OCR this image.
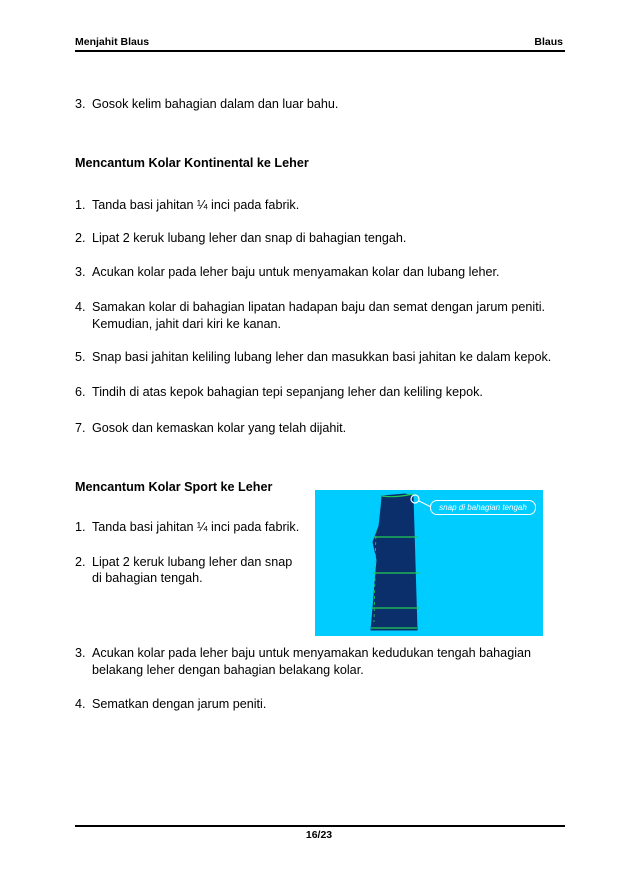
Menjahit Blaus	Blaus
3. Gosok kelim bahagian dalam dan luar bahu.
Mencantum Kolar Kontinental ke Leher
1. Tanda basi jahitan ¼ inci pada fabrik.
2. Lipat 2 keruk lubang leher dan snap di bahagian tengah.
3. Acukan kolar pada leher baju untuk menyamakan kolar dan lubang leher.
4. Samakan kolar di bahagian lipatan hadapan baju dan semat dengan jarum peniti.
Kemudian, jahit dari kiri ke kanan.
5. Snap basi jahitan keliling lubang leher dan masukkan basi jahitan ke dalam kepok.
6. Tindih di atas kepok bahagian tepi sepanjang leher dan keliling kepok.
7. Gosok dan kemaskan kolar yang telah dijahit.
Mencantum Kolar Sport ke Leher
1. Tanda basi jahitan ¼ inci pada fabrik.
2. Lipat 2 keruk lubang leher dan snap
di bahagian tengah.
snap di bahagian tengah
3. Acukan kolar pada leher baju untuk menyamakan kedudukan tengah bahagian
belakang leher dengan bahagian belakang kolar.
4. Sematkan dengan jarum peniti.
16/23
